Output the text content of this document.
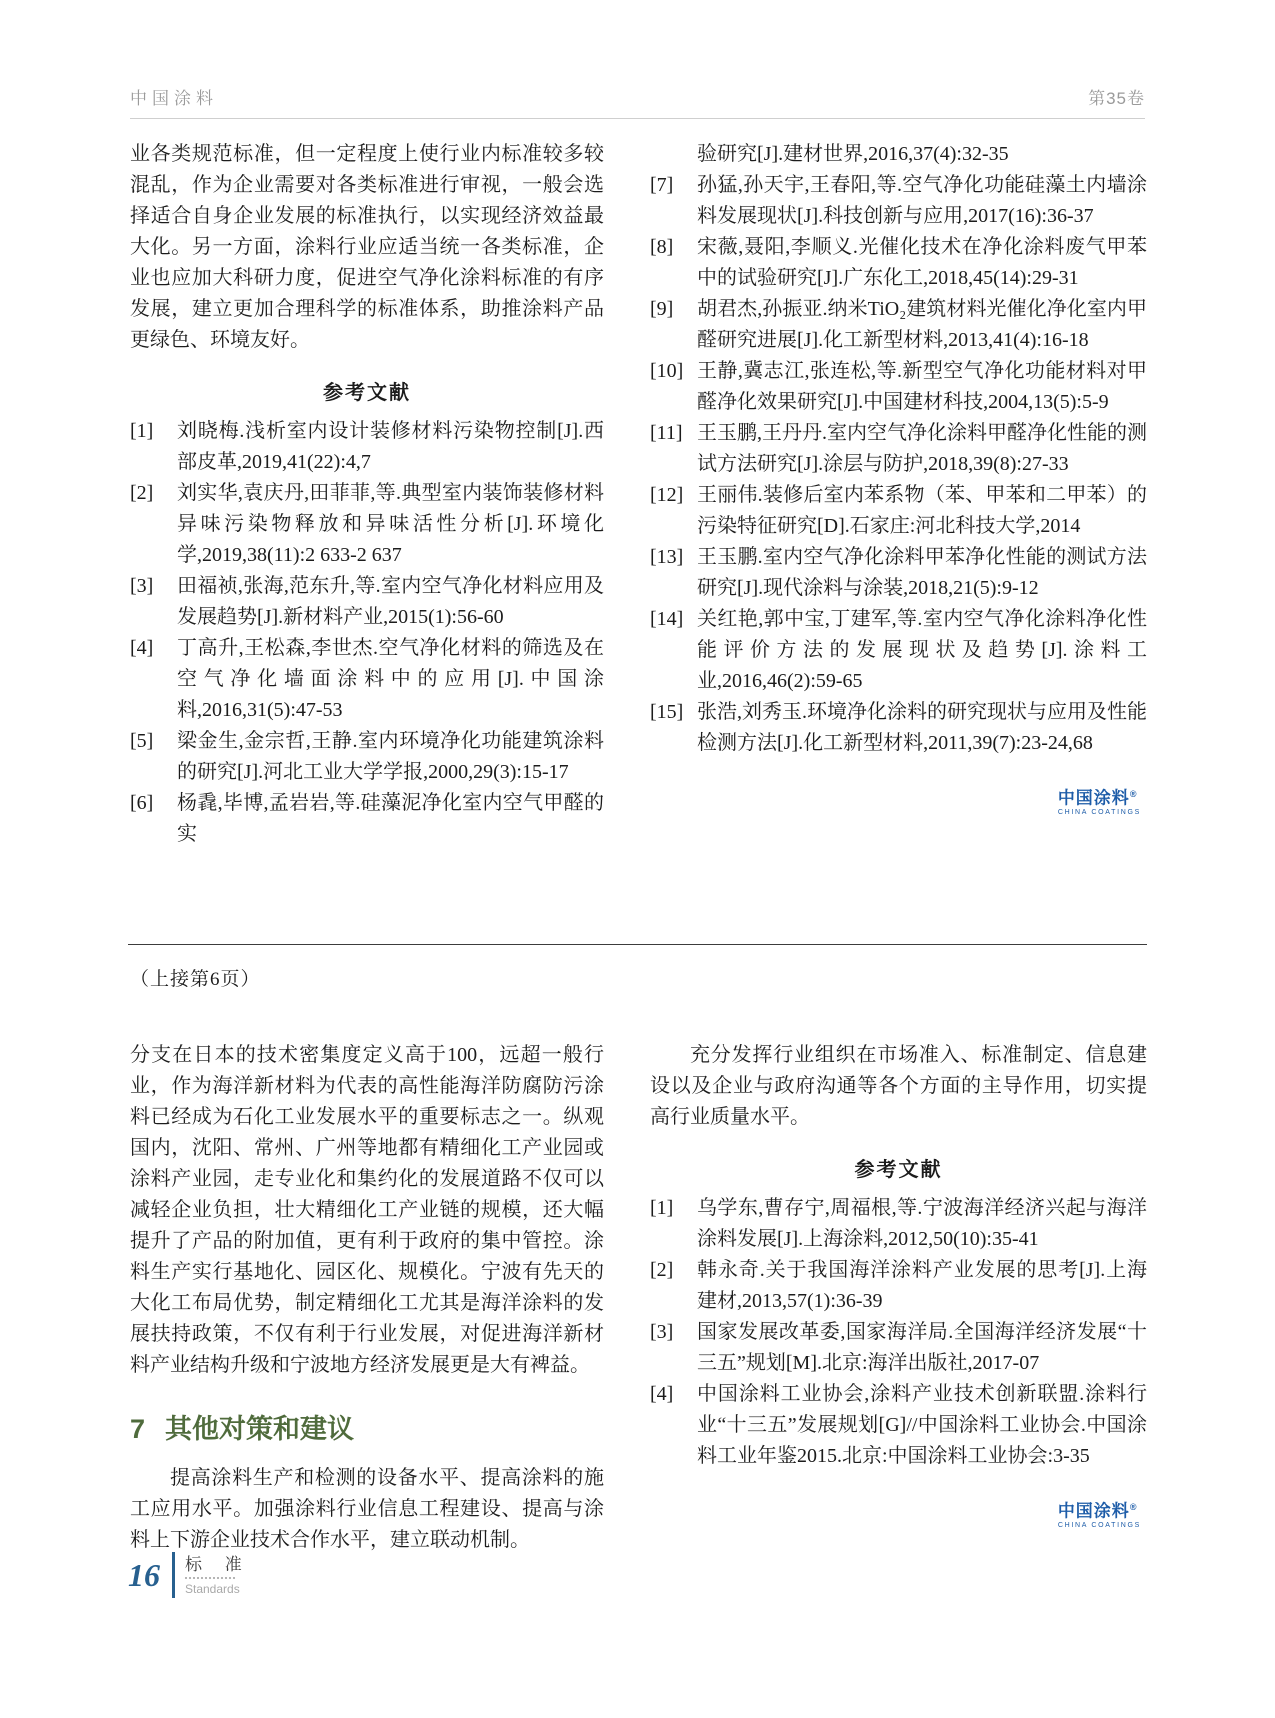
中国涂料	第35卷
业各类规范标准，但一定程度上使行业内标准较多较混乱，作为企业需要对各类标准进行审视，一般会选择适合自身企业发展的标准执行，以实现经济效益最大化。另一方面，涂料行业应适当统一各类标准，企业也应加大科研力度，促进空气净化涂料标准的有序发展，建立更加合理科学的标准体系，助推涂料产品更绿色、环境友好。
参考文献
[1]	刘晓梅.浅析室内设计装修材料污染物控制[J].西部皮革,2019,41(22):4,7
[2]	刘实华,袁庆丹,田菲菲,等.典型室内装饰装修材料异味污染物释放和异味活性分析[J].环境化学,2019,38(11):2 633-2 637
[3]	田福祯,张海,范东升,等.室内空气净化材料应用及发展趋势[J].新材料产业,2015(1):56-60
[4]	丁高升,王松森,李世杰.空气净化材料的筛选及在空气净化墙面涂料中的应用[J].中国涂料,2016,31(5):47-53
[5]	梁金生,金宗哲,王静.室内环境净化功能建筑涂料的研究[J].河北工业大学学报,2000,29(3):15-17
[6]	杨毳,毕博,孟岩岩,等.硅藻泥净化室内空气甲醛的实
验研究[J].建材世界,2016,37(4):32-35
[7]	孙猛,孙天宇,王春阳,等.空气净化功能硅藻土内墙涂料发展现状[J].科技创新与应用,2017(16):36-37
[8]	宋薇,聂阳,李顺义.光催化技术在净化涂料废气甲苯中的试验研究[J].广东化工,2018,45(14):29-31
[9]	胡君杰,孙振亚.纳米TiO₂建筑材料光催化净化室内甲醛研究进展[J].化工新型材料,2013,41(4):16-18
[10] 王静,冀志江,张连松,等.新型空气净化功能材料对甲醛净化效果研究[J].中国建材科技,2004,13(5):5-9
[11] 王玉鹏,王丹丹.室内空气净化涂料甲醛净化性能的测试方法研究[J].涂层与防护,2018,39(8):27-33
[12] 王丽伟.装修后室内苯系物（苯、甲苯和二甲苯）的污染特征研究[D].石家庄:河北科技大学,2014
[13] 王玉鹏.室内空气净化涂料甲苯净化性能的测试方法研究[J].现代涂料与涂装,2018,21(5):9-12
[14] 关红艳,郭中宝,丁建军,等.室内空气净化涂料净化性能评价方法的发展现状及趋势[J].涂料工业,2016,46(2):59-65
[15] 张浩,刘秀玉.环境净化涂料的研究现状与应用及性能检测方法[J].化工新型材料,2011,39(7):23-24,68
中国涂料®
CHINA COATINGS
（上接第6页）
分支在日本的技术密集度定义高于100，远超一般行业，作为海洋新材料为代表的高性能海洋防腐防污涂料已经成为石化工业发展水平的重要标志之一。纵观国内，沈阳、常州、广州等地都有精细化工产业园或涂料产业园，走专业化和集约化的发展道路不仅可以减轻企业负担，壮大精细化工产业链的规模，还大幅提升了产品的附加值，更有利于政府的集中管控。涂料生产实行基地化、园区化、规模化。宁波有先天的大化工布局优势，制定精细化工尤其是海洋涂料的发展扶持政策，不仅有利于行业发展，对促进海洋新材料产业结构升级和宁波地方经济发展更是大有裨益。
7 其他对策和建议
提高涂料生产和检测的设备水平、提高涂料的施工应用水平。加强涂料行业信息工程建设、提高与涂料上下游企业技术合作水平，建立联动机制。
充分发挥行业组织在市场准入、标准制定、信息建设以及企业与政府沟通等各个方面的主导作用，切实提高行业质量水平。
参考文献
[1]	乌学东,曹存宁,周福根,等.宁波海洋经济兴起与海洋涂料发展[J].上海涂料,2012,50(10):35-41
[2]	韩永奇.关于我国海洋涂料产业发展的思考[J].上海建材,2013,57(1):36-39
[3]	国家发展改革委,国家海洋局.全国海洋经济发展“十三五”规划[M].北京:海洋出版社,2017-07
[4]	中国涂料工业协会,涂料产业技术创新联盟.涂料行业“十三五”发展规划[G]//中国涂料工业协会.中国涂料工业年鉴2015.北京:中国涂料工业协会:3-35
中国涂料®
CHINA COATINGS
16 标 准
Standards
